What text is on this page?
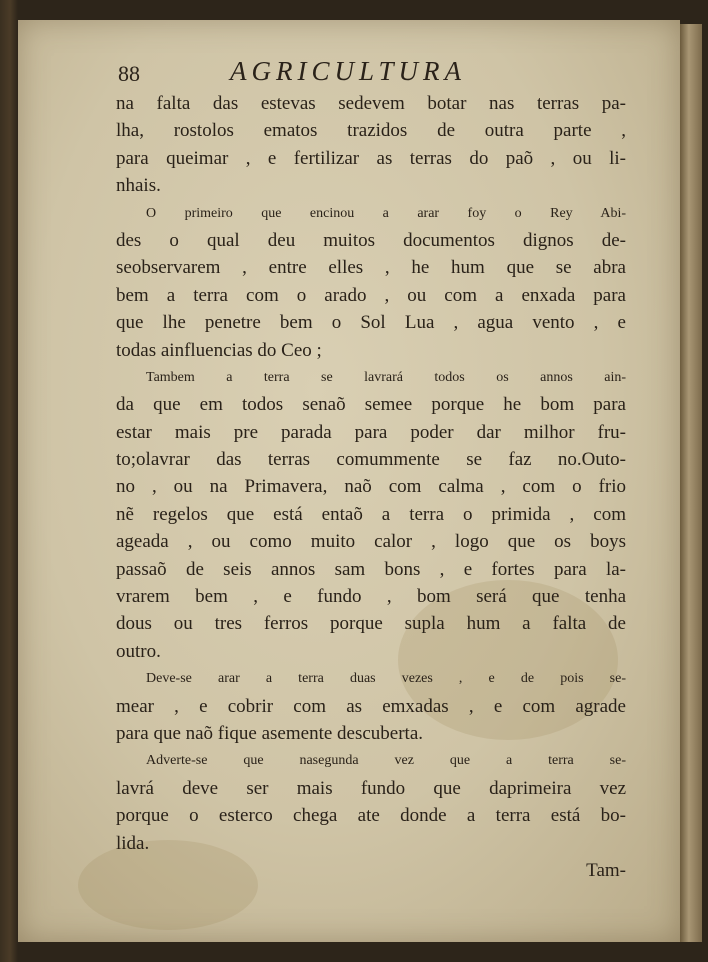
88	AGRICULTURA
na falta das estevas sedevem botar nas terras pa-
lha, rostolos ematos trazidos de outra parte ,
para queimar , e fertilizar as terras do paõ , ou li-
nhais.
O primeiro que encinou a arar foy o Rey Abi-
des o qual deu muitos documentos dignos de-
seobservarem , entre elles , he hum que se abra
bem a terra com o arado , ou com a enxada para
que lhe penetre bem o Sol Lua , agua vento , e
todas ainfluencias do Ceo ;
Tambem a terra se lavrará todos os annos ain-
da que em todos senaõ semee porque he bom para
estar mais pre parada para poder dar milhor fru-
to;olavrar das terras comummente se faz no.Outo-
no , ou na Primavera, naõ com calma , com o frio
nẽ regelos que está entaõ a terra o primida , com
ageada , ou como muito calor , logo que os boys
passaõ de seis annos sam bons , e fortes para la-
vrarem bem , e fundo , bom será que tenha
dous ou tres ferros porque supla hum a falta de
outro.
Deve-se arar a terra duas vezes , e de pois se-
mear , e cobrir com as emxadas , e com agrade
para que naõ fique asemente descuberta.
Adverte-se que nasegunda vez que a terra se-
lavrá deve ser mais fundo que daprimeira vez
porque o esterco chega ate donde a terra está bo-
lida.
Tam-
